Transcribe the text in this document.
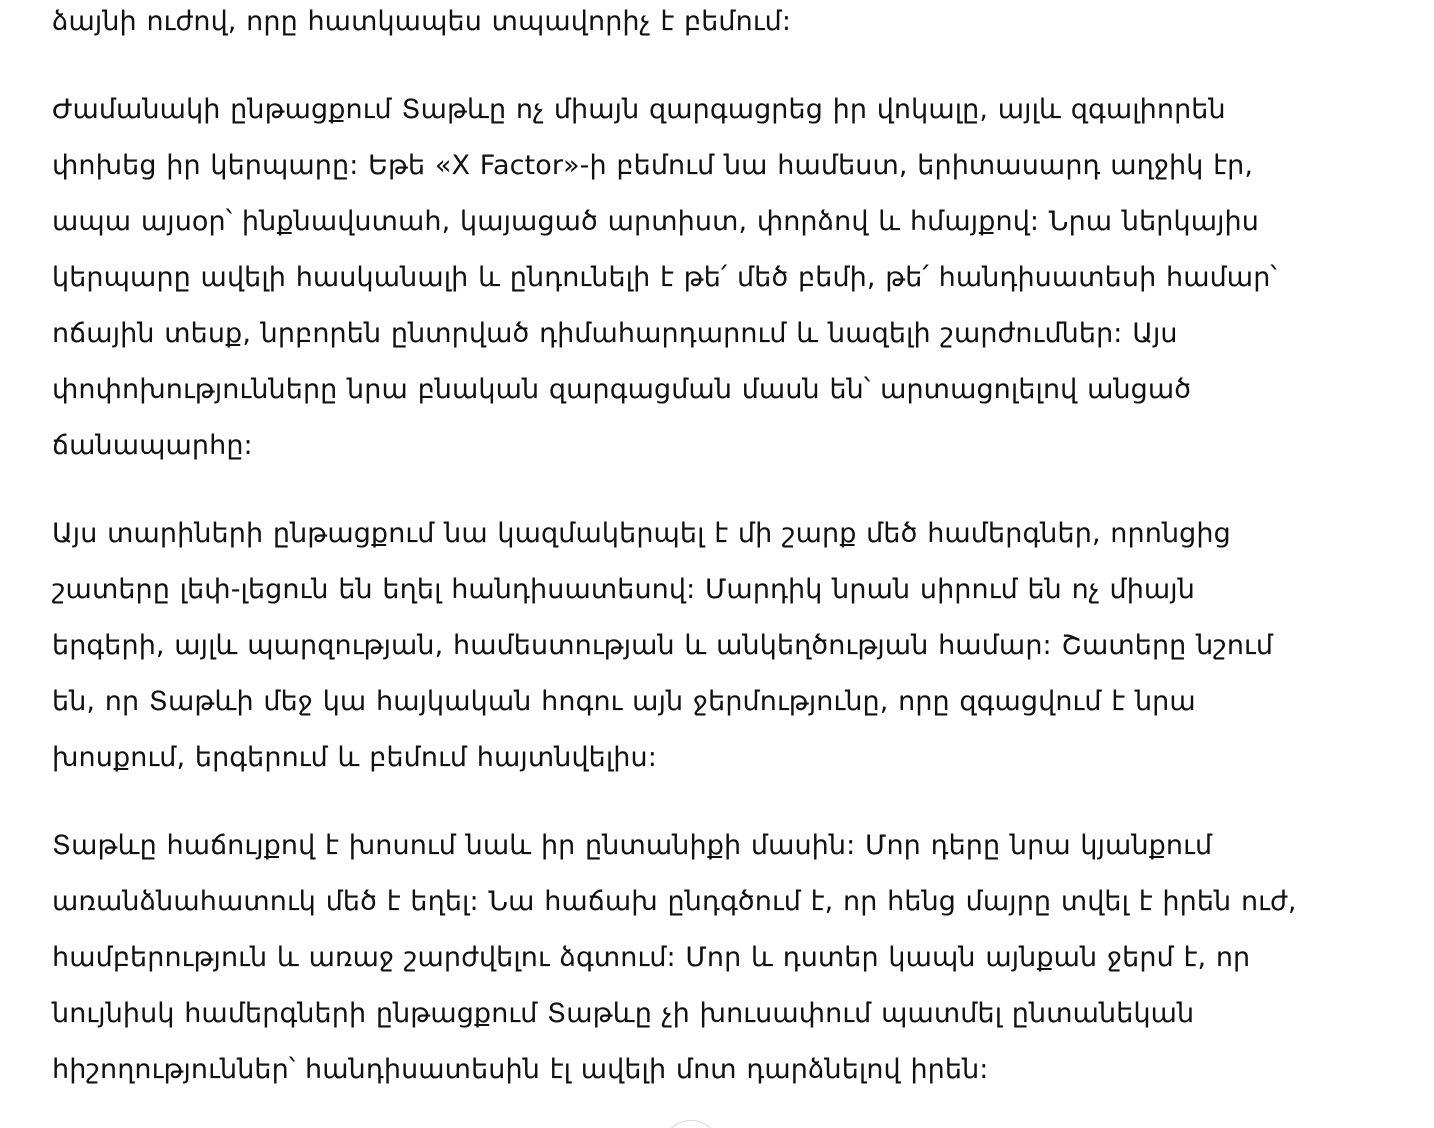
ձայնի ուժով, որը հատկապես տպավորիչ է բեմում:

Ժամանակի ընթացքում Տաթևը ոչ միայն զարգացրեց իր վոկալը, այլև զգալիորեն
փոխեց իր կերպարը: Եթե «X Factor»-ի բեմում նա համեստ, երիտասարդ աղջիկ էր,
ապա այսօր՝ ինքնավստահ, կայացած արտիստ, փորձով և հմայքով: Նրա ներկայիս
կերպարը ավելի հասկանալի և ընդունելի է թե՛ մեծ բեմի, թե՛ հանդիսատեսի համար՝
ոճային տեսք, նրբորեն ընտրված դիմահարդարում և նազելի շարժումներ: Այս
փոփոխությունները նրա բնական զարգացման մասն են՝ արտացոլելով անցած
ճանապարհը:

Այս տարիների ընթացքում նա կազմակերպել է մի շարք մեծ համերգներ, որոնցից
շատերը լեփ-լեցուն են եղել հանդիսատեսով: Մարդիկ նրան սիրում են ոչ միայն
երգերի, այլև պարզության, համեստության և անկեղծության համար: Շատերը նշում
են, որ Տաթևի մեջ կա հայկական հոգու այն ջերմությունը, որը զգացվում է նրա
խոսքում, երգերում և բեմում հայտնվելիս:

Տաթևը հաճույքով է խոսում նաև իր ընտանիքի մասին: Մոր դերը նրա կյանքում
առանձնահատուկ մեծ է եղել: Նա հաճախ ընդգծում է, որ հենց մայրը տվել է իրեն ուժ,
համբերություն և առաջ շարժվելու ձգտում: Մոր և դստեր կապն այնքան ջերմ է, որ
նույնիսկ համերգների ընթացքում Տաթևը չի խուսափում պատմել ընտանեկան
հիշողություններ՝ հանդիսատեսին էլ ավելի մոտ դարձնելով իրեն:
